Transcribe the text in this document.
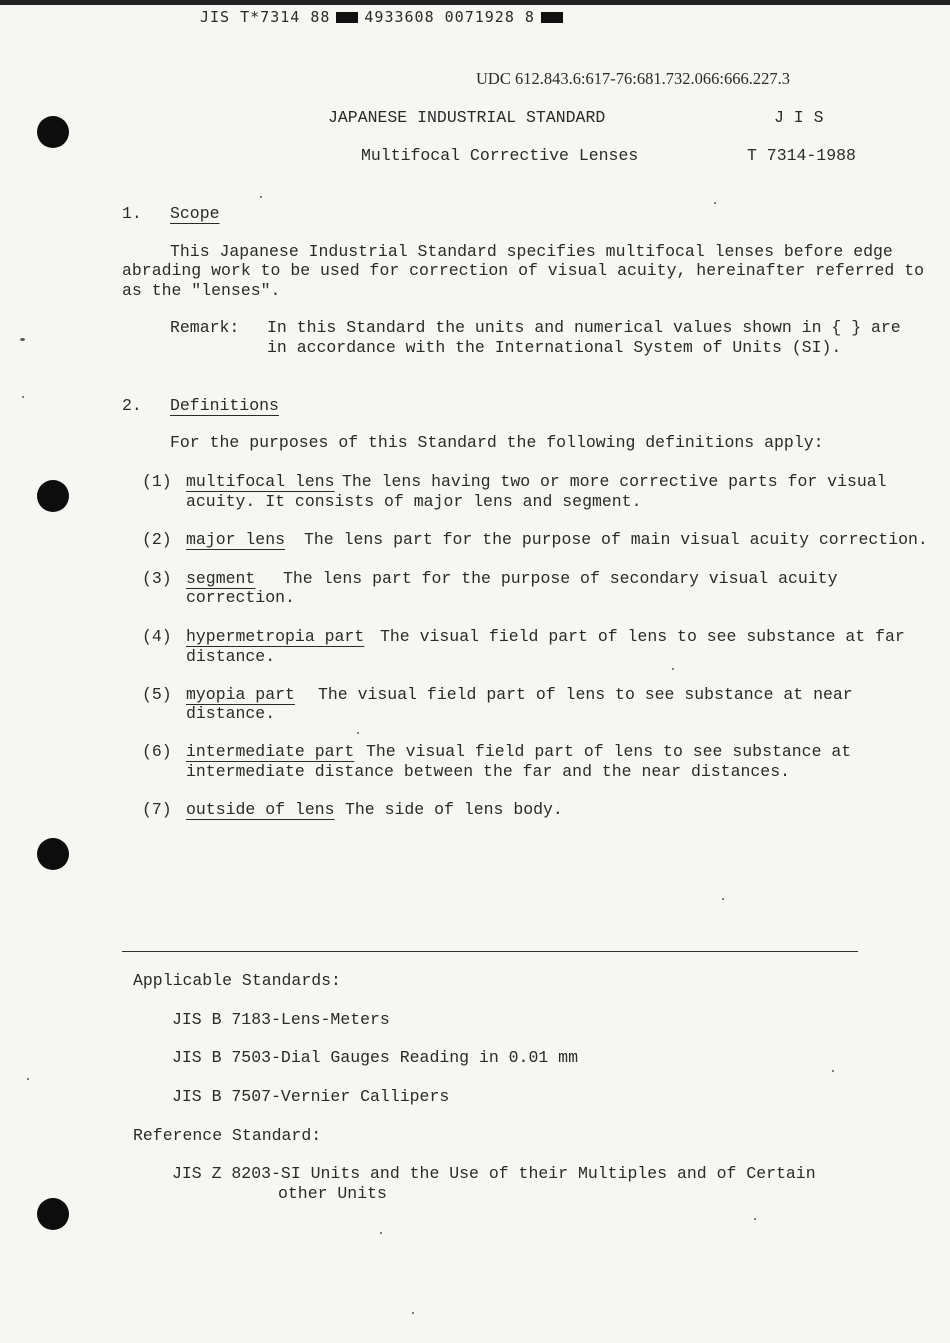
JIS T*7314 88 4933608 0071928 8
UDC 612.843.6:617-76:681.732.066:666.227.3
JAPANESE INDUSTRIAL STANDARD	J I S
Multifocal Corrective Lenses	T 7314-1988
1. Scope
This Japanese Industrial Standard specifies multifocal lenses before edge
abrading work to be used for correction of visual acuity, hereinafter referred to
as the "lenses".
Remark: In this Standard the units and numerical values shown in { } are
in accordance with the International System of Units (SI).
2. Definitions
For the purposes of this Standard the following definitions apply:
(1) multifocal lens The lens having two or more corrective parts for visual
acuity. It consists of major lens and segment.
(2) major lens The lens part for the purpose of main visual acuity correction.
(3) segment The lens part for the purpose of secondary visual acuity
correction.
(4) hypermetropia part The visual field part of lens to see substance at far
distance.
(5) myopia part The visual field part of lens to see substance at near
distance.
(6) intermediate part The visual field part of lens to see substance at
intermediate distance between the far and the near distances.
(7) outside of lens The side of lens body.
Applicable Standards:
JIS B 7183-Lens-Meters
JIS B 7503-Dial Gauges Reading in 0.01 mm
JIS B 7507-Vernier Callipers
Reference Standard:
JIS Z 8203-SI Units and the Use of their Multiples and of Certain
other Units
